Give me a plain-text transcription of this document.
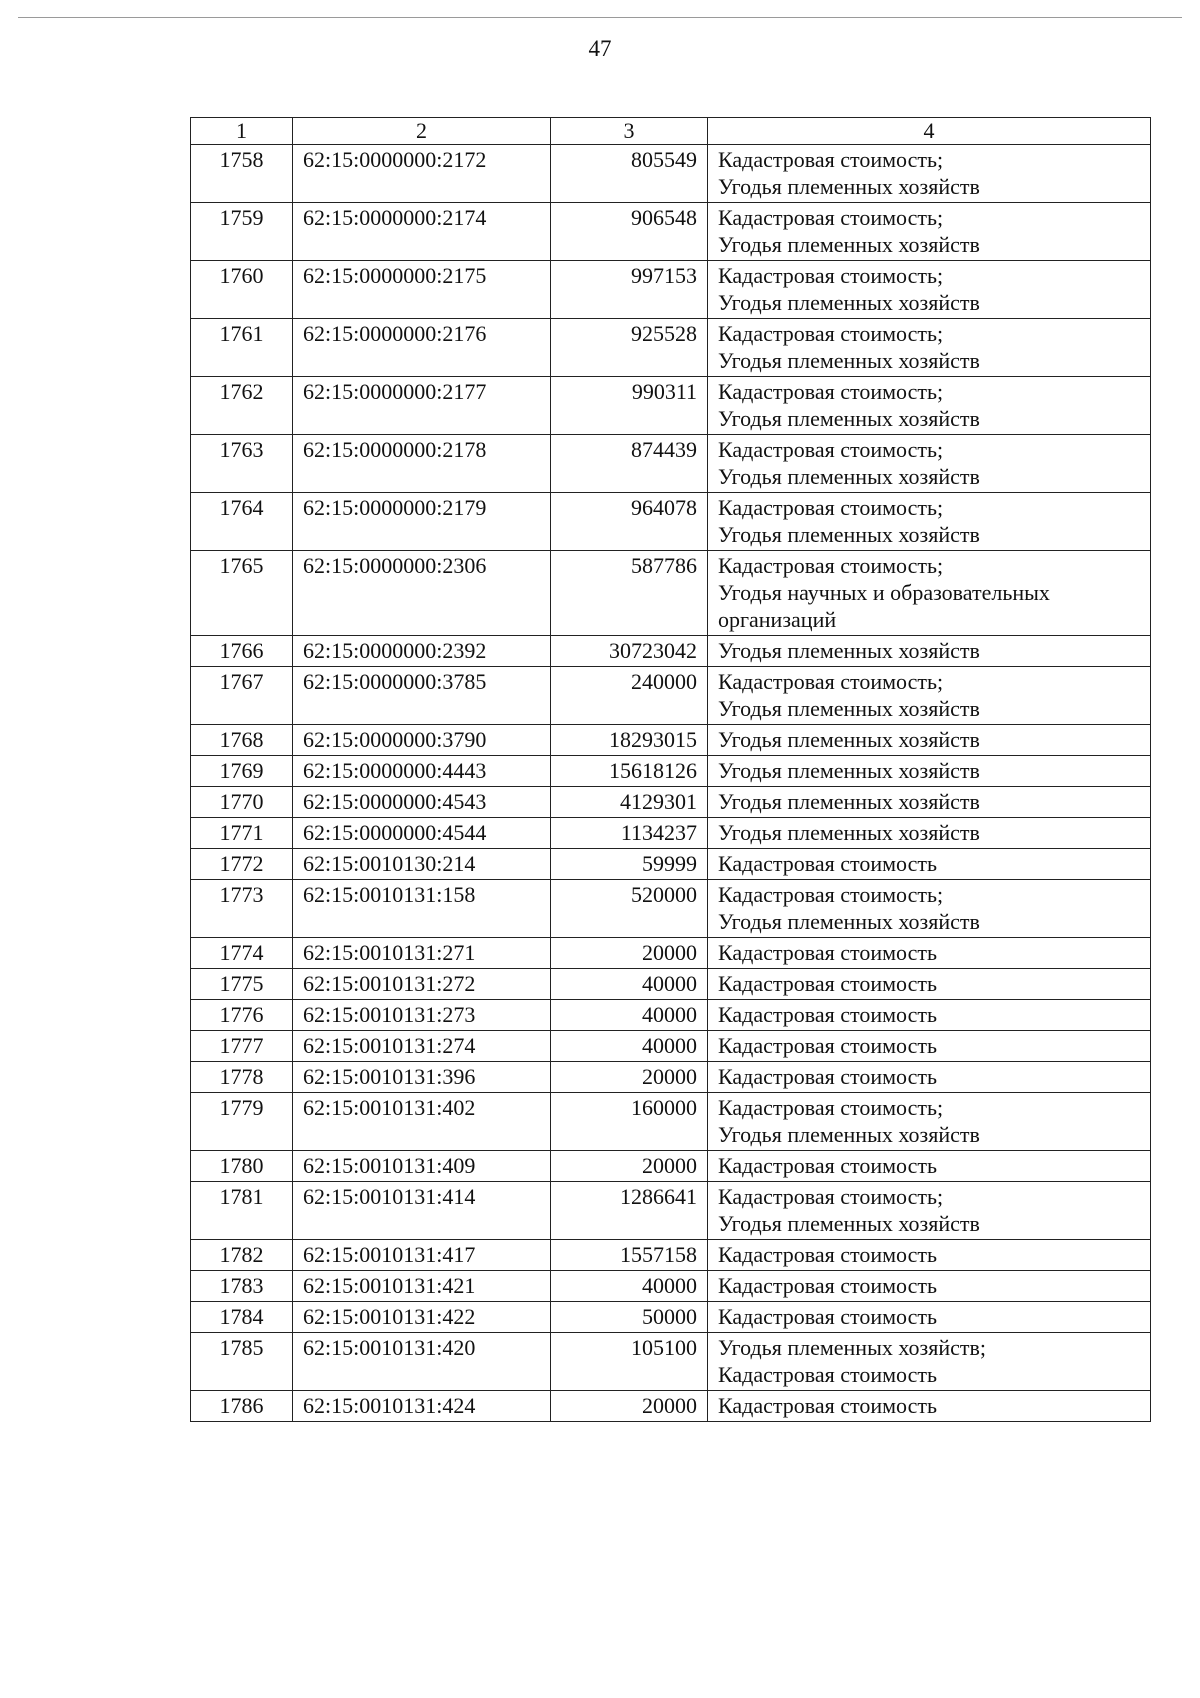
47
1	2	3	4
1758	62:15:0000000:2172	805549	Кадастровая стоимость;
Угодья племенных хозяйств

1759	62:15:0000000:2174	906548	Кадастровая стоимость;
Угодья племенных хозяйств

1760	62:15:0000000:2175	997153	Кадастровая стоимость;
Угодья племенных хозяйств

1761	62:15:0000000:2176	925528	Кадастровая стоимость;
Угодья племенных хозяйств

1762	62:15:0000000:2177	990311	Кадастровая стоимость;
Угодья племенных хозяйств

1763	62:15:0000000:2178	874439	Кадастровая стоимость;
Угодья племенных хозяйств

1764	62:15:0000000:2179	964078	Кадастровая стоимость;
Угодья племенных хозяйств

1765	62:15:0000000:2306	587786	Кадастровая стоимость;
Угодья научных и образовательных
организаций

1766	62:15:0000000:2392	30723042	Угодья племенных хозяйств

1767	62:15:0000000:3785	240000	Кадастровая стоимость;
Угодья племенных хозяйств

1768	62:15:0000000:3790	18293015	Угодья племенных хозяйств

1769	62:15:0000000:4443	15618126	Угодья племенных хозяйств

1770	62:15:0000000:4543	4129301	Угодья племенных хозяйств

1771	62:15:0000000:4544	1134237	Угодья племенных хозяйств

1772	62:15:0010130:214	59999	Кадастровая стоимость

1773	62:15:0010131:158	520000	Кадастровая стоимость;
Угодья племенных хозяйств

1774	62:15:0010131:271	20000	Кадастровая стоимость

1775	62:15:0010131:272	40000	Кадастровая стоимость

1776	62:15:0010131:273	40000	Кадастровая стоимость

1777	62:15:0010131:274	40000	Кадастровая стоимость

1778	62:15:0010131:396	20000	Кадастровая стоимость

1779	62:15:0010131:402	160000	Кадастровая стоимость;
Угодья племенных хозяйств

1780	62:15:0010131:409	20000	Кадастровая стоимость

1781	62:15:0010131:414	1286641	Кадастровая стоимость;
Угодья племенных хозяйств

1782	62:15:0010131:417	1557158	Кадастровая стоимость

1783	62:15:0010131:421	40000	Кадастровая стоимость

1784	62:15:0010131:422	50000	Кадастровая стоимость

1785	62:15:0010131:420	105100	Угодья племенных хозяйств;
Кадастровая стоимость

1786	62:15:0010131:424	20000	Кадастровая стоимость
